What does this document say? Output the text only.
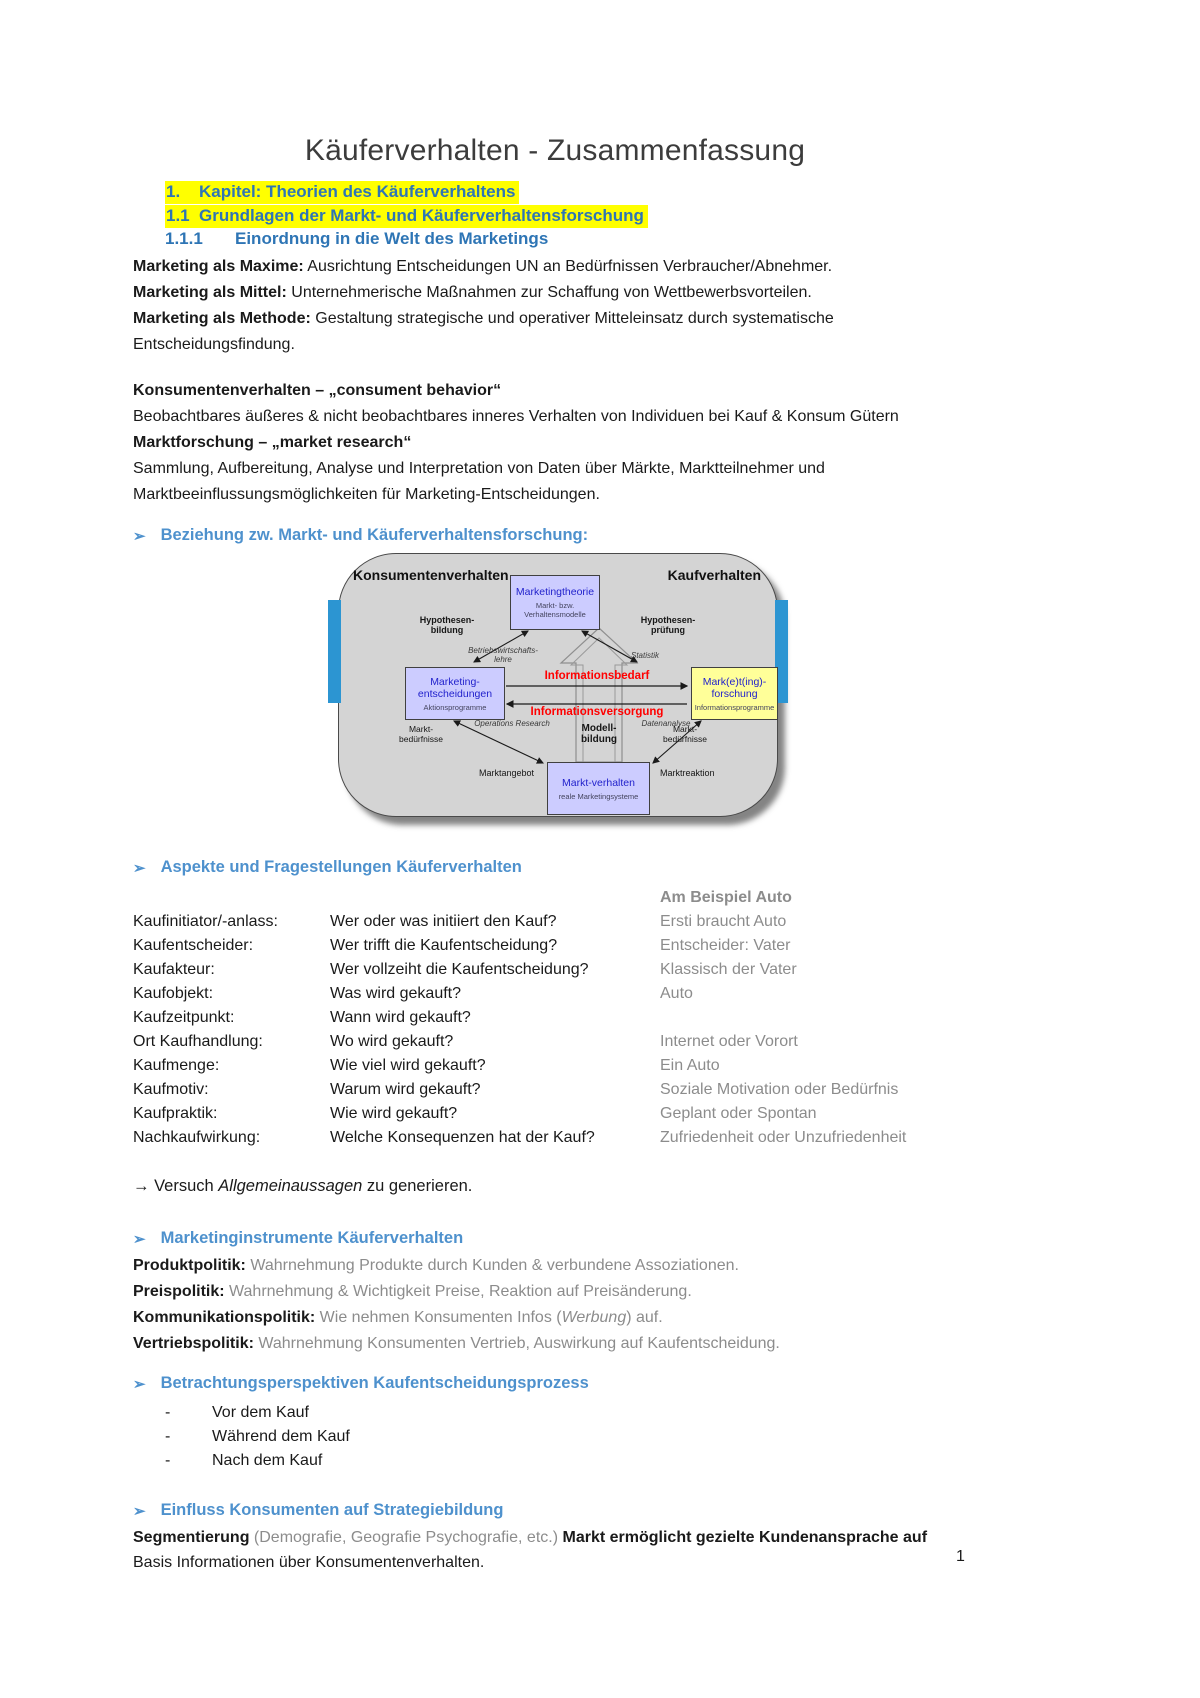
Käuferverhalten - Zusammenfassung
1. Kapitel: Theorien des Käuferverhaltens
1.1 Grundlagen der Markt- und Käuferverhaltensforschung
1.1.1 Einordnung in die Welt des Marketings
Marketing als Maxime: Ausrichtung Entscheidungen UN an Bedürfnissen Verbraucher/Abnehmer.
Marketing als Mittel: Unternehmerische Maßnahmen zur Schaffung von Wettbewerbsvorteilen.
Marketing als Methode: Gestaltung strategische und operativer Mitteleinsatz durch systematische
Entscheidungsfindung.
Konsumentenverhalten – „consument behavior“
Beobachtbares äußeres & nicht beobachtbares inneres Verhalten von Individuen bei Kauf & Konsum Gütern
Marktforschung – „market research“
Sammlung, Aufbereitung, Analyse und Interpretation von Daten über Märkte, Marktteilnehmer und
Marktbeeinflussungsmöglichkeiten für Marketing-Entscheidungen.
➢ Beziehung zw. Markt- und Käuferverhaltensforschung:
Konsumentenverhalten	Kaufverhalten
Marketingtheorie
Markt- bzw. Verhaltensmodelle
Hypothesen-bildung
Hypothesen-prüfung
Betriebswirtschafts-lehre	Statistik
Marketing-entscheidungen
Aktionsprogramme
Mark(e)t(ing)-forschung
Informationsprogramme
Informationsbedarf
Informationsversorgung
Operations Research	Datenanalyse
Modell-bildung
Markt-bedürfnisse
Markt-bedürfnisse
Markt-verhalten
reale Marketingsysteme
Marktangebot	Marktreaktion
➢ Aspekte und Fragestellungen Käuferverhalten
Am Beispiel Auto
Kaufinitiator/-anlass:	Wer oder was initiiert den Kauf?	Ersti braucht Auto
Kaufentscheider:	Wer trifft die Kaufentscheidung?	Entscheider: Vater
Kaufakteur:	Wer vollzeiht die Kaufentscheidung?	Klassisch der Vater
Kaufobjekt:	Was wird gekauft?	Auto
Kaufzeitpunkt:	Wann wird gekauft?
Ort Kaufhandlung:	Wo wird gekauft?	Internet oder Vorort
Kaufmenge:	Wie viel wird gekauft?	Ein Auto
Kaufmotiv:	Warum wird gekauft?	Soziale Motivation oder Bedürfnis
Kaufpraktik:	Wie wird gekauft?	Geplant oder Spontan
Nachkaufwirkung:	Welche Konsequenzen hat der Kauf?	Zufriedenheit oder Unzufriedenheit
→ Versuch Allgemeinaussagen zu generieren.
➢ Marketinginstrumente Käuferverhalten
Produktpolitik: Wahrnehmung Produkte durch Kunden & verbundene Assoziationen.
Preispolitik: Wahrnehmung & Wichtigkeit Preise, Reaktion auf Preisänderung.
Kommunikationspolitik: Wie nehmen Konsumenten Infos (Werbung) auf.
Vertriebspolitik: Wahrnehmung Konsumenten Vertrieb, Auswirkung auf Kaufentscheidung.
➢ Betrachtungsperspektiven Kaufentscheidungsprozess
-	Vor dem Kauf
-	Während dem Kauf
-	Nach dem Kauf
➢ Einfluss Konsumenten auf Strategiebildung
Segmentierung (Demografie, Geografie Psychografie, etc.) Markt ermöglicht gezielte Kundenansprache auf
Basis Informationen über Konsumentenverhalten.	1
